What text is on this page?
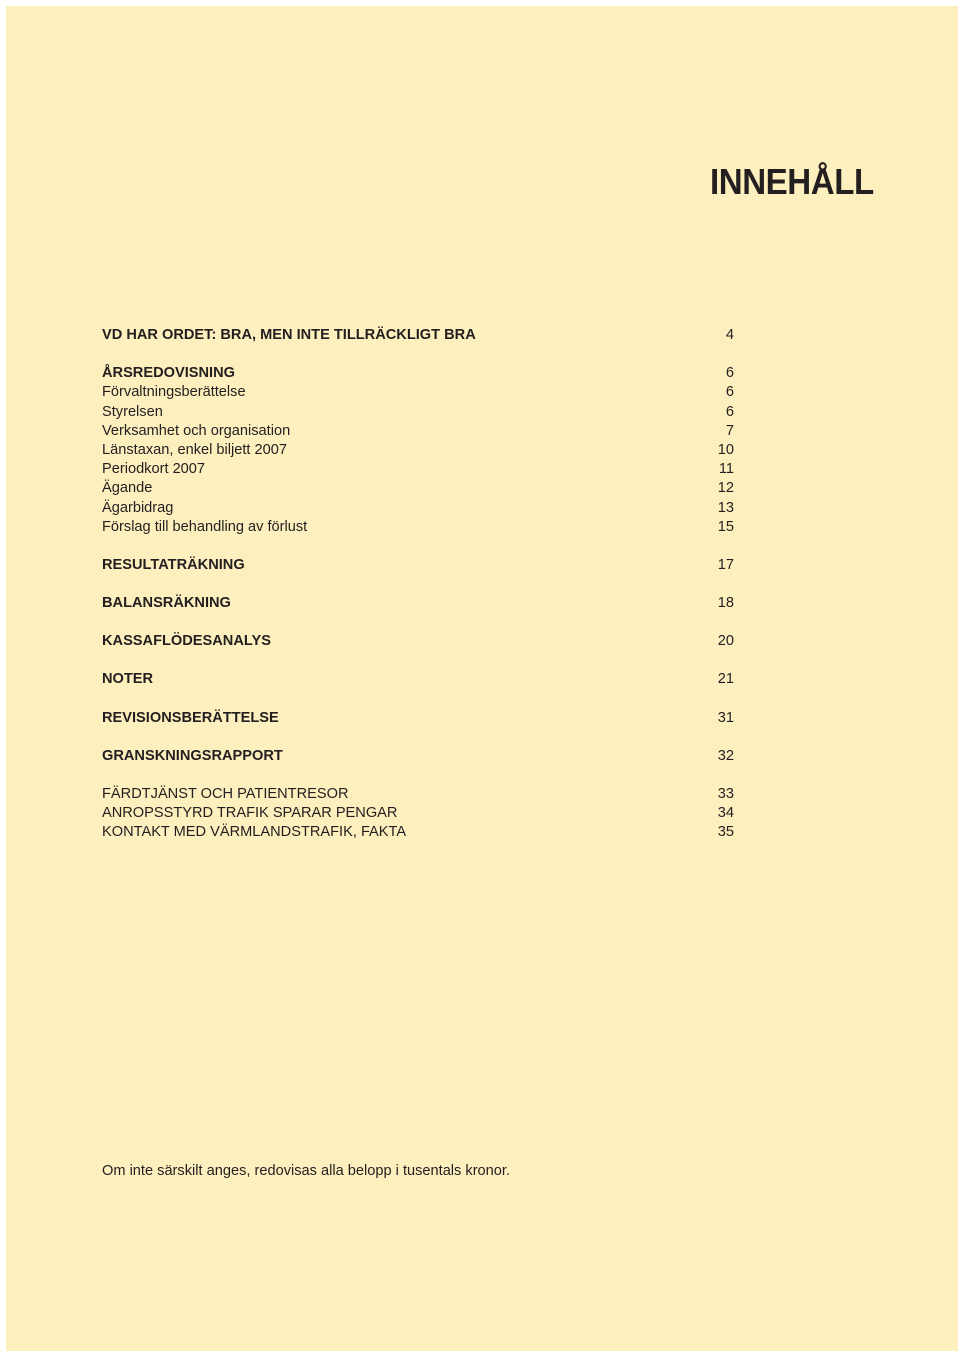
INNEHÅLL
VD HAR ORDET: BRA, MEN INTE TILLRÄCKLIGT BRA	4
ÅRSREDOVISNING	6
Förvaltningsberättelse	6
Styrelsen	6
Verksamhet och organisation	7
Länstaxan, enkel biljett 2007	10
Periodkort 2007	11
Ägande	12
Ägarbidrag	13
Förslag till behandling av förlust	15
RESULTATRÄKNING	17
BALANSRÄKNING	18
KASSAFLÖDESANALYS	20
NOTER	21
REVISIONSBERÄTTELSE	31
GRANSKNINGSRAPPORT	32
FÄRDTJÄNST OCH PATIENTRESOR	33
ANROPSSTYRD TRAFIK SPARAR PENGAR	34
KONTAKT MED VÄRMLANDSTRAFIK, FAKTA	35
Om inte särskilt anges, redovisas alla belopp i tusentals kronor.
